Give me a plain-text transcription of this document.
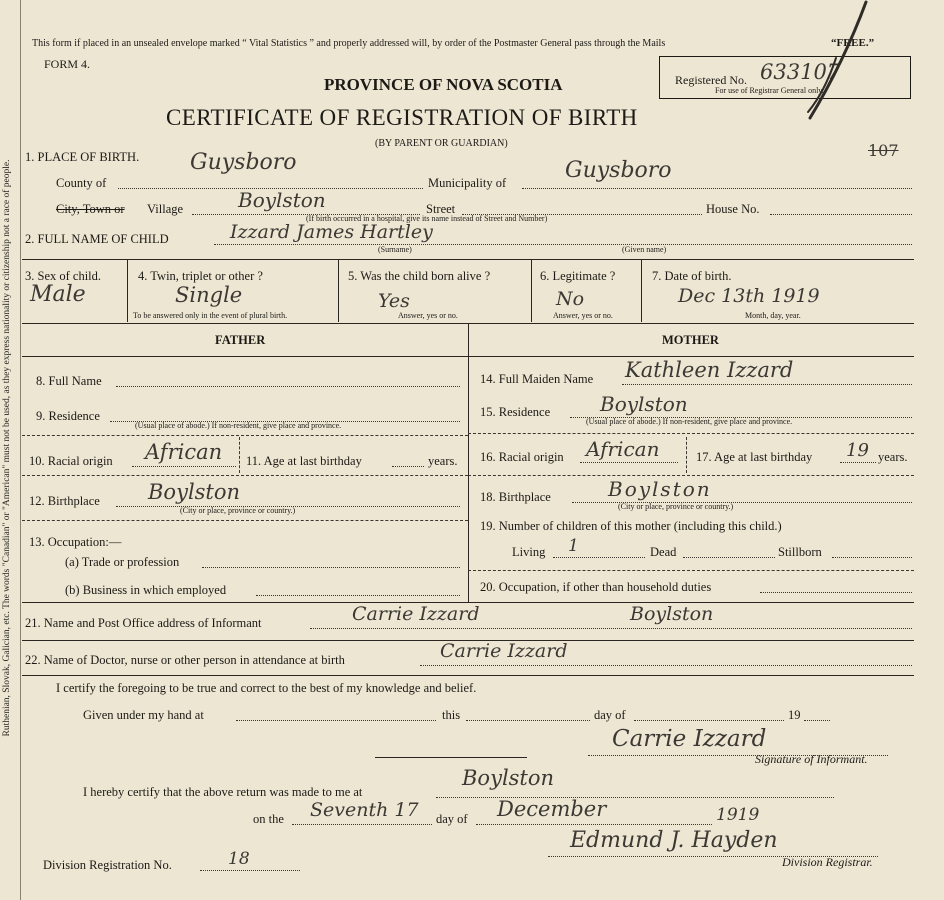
Ruthenian, Slovak, Galician, etc. The words "Canadian" or "American" must not be used, as they express nationality or citizenship not a race of people.
This form if placed in an unsealed envelope marked “ Vital Statistics ” and properly addressed will, by order of the Postmaster General pass through the Mails	“FREE.”
FORM 4.
PROVINCE OF NOVA SCOTIA
CERTIFICATE OF REGISTRATION OF BIRTH
(BY PARENT OR GUARDIAN)
Registered No. 633107
For use of Registrar General only.
107
1. PLACE OF BIRTH. Guysboro
County of	Municipality of	Guysboro
City, Town or Village	Boylston	Street	House No.
(If birth occurred in a hospital, give its name instead of Street and Number)
2. FULL NAME OF CHILD	Izzard James Hartley
(Surname)	(Given name)
3. Sex of child.
Male
4. Twin, triplet or other ?
Single
To be answered only in the event of plural birth.
5. Was the child born alive ?
Yes
Answer, yes or no.
6. Legitimate ?
No
Answer, yes or no.
7. Date of birth.
Dec 13th 1919
Month, day, year.
FATHER	MOTHER
8. Full Name
9. Residence
(Usual place of abode.) If non-resident, give place and province.
10. Racial origin African 11. Age at last birthday	years.
12. Birthplace Boylston
(City or place, province or country.)
13. Occupation:—
(a) Trade or profession
(b) Business in which employed
14. Full Maiden Name Kathleen Izzard
15. Residence Boylston
(Usual place of abode.) If non-resident, give place and province.
16. Racial origin African	17. Age at last birthday 19 years.
18. Birthplace	Boylston
(City or place, province or country.)
19. Number of children of this mother (including this child.)
Living 1	Dead	Stillborn
20. Occupation, if other than household duties
21. Name and Post Office address of Informant	Carrie Izzard	Boylston
22. Name of Doctor, nurse or other person in attendance at birth	Carrie Izzard
I certify the foregoing to be true and correct to the best of my knowledge and belief.
Given under my hand at	this	day of	19
Carrie Izzard
Signature of Informant.
I hereby certify that the above return was made to me at
Boylston
on the Seventh 17 day of December	1919
Edmund J. Hayden
Division Registrar.
Division Registration No.	18
